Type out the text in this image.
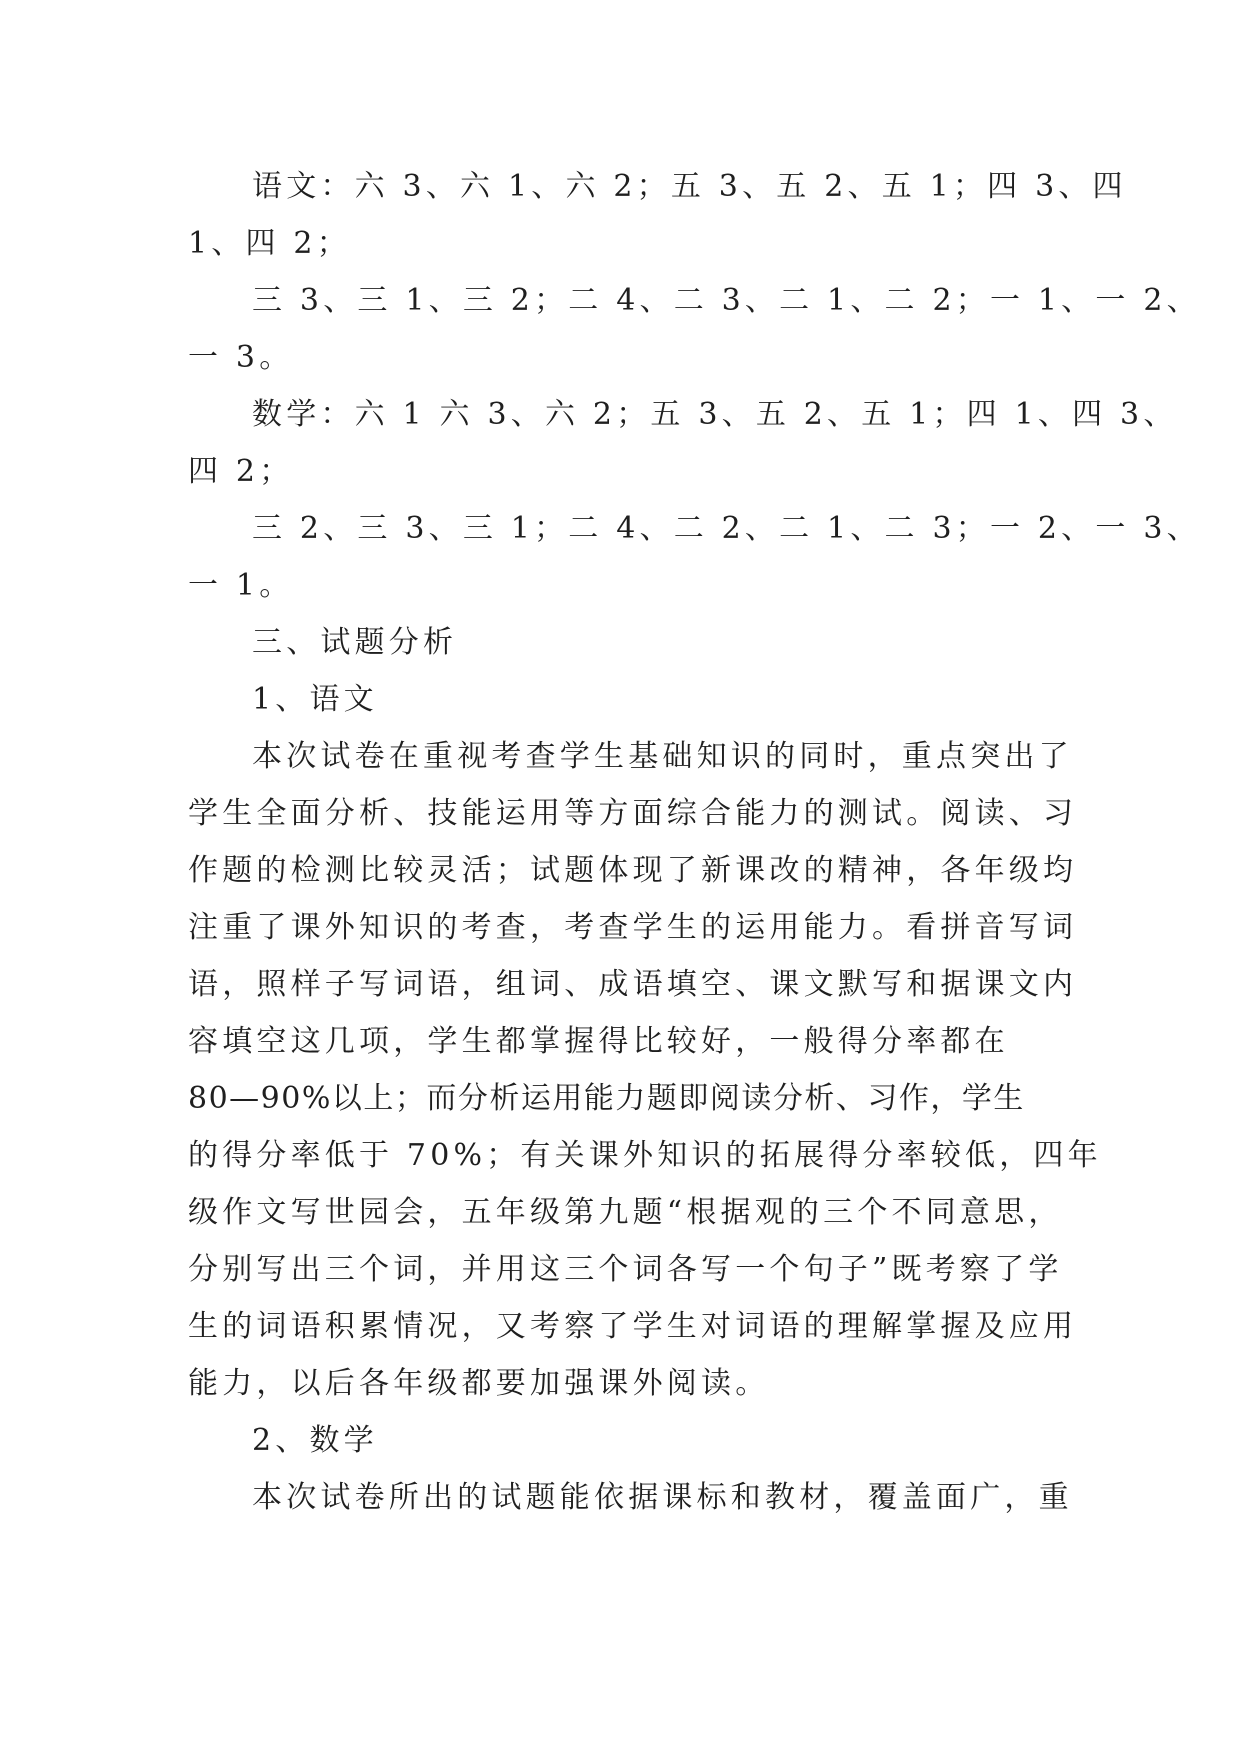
语文：六 3、六 1、六 2；五 3、五 2、五 1；四 3、四
1、四 2；
三 3、三 1、三 2；二 4、二 3、二 1、二 2；一 1、一 2、
一 3。
数学：六 1 六 3、六 2；五 3、五 2、五 1；四 1、四 3、
四 2；
三 2、三 3、三 1；二 4、二 2、二 1、二 3；一 2、一 3、
一 1。
三、试题分析
1、语文
本次试卷在重视考查学生基础知识的同时，重点突出了
学生全面分析、技能运用等方面综合能力的测试。阅读、习
作题的检测比较灵活；试题体现了新课改的精神，各年级均
注重了课外知识的考查，考查学生的运用能力。看拼音写词
语，照样子写词语，组词、成语填空、课文默写和据课文内
容填空这几项，学生都掌握得比较好，一般得分率都在
80—90%以上；而分析运用能力题即阅读分析、习作，学生
的得分率低于 70%；有关课外知识的拓展得分率较低，四年
级作文写世园会，五年级第九题“根据观的三个不同意思，
分别写出三个词，并用这三个词各写一个句子”既考察了学
生的词语积累情况，又考察了学生对词语的理解掌握及应用
能力，以后各年级都要加强课外阅读。
2、数学
本次试卷所出的试题能依据课标和教材，覆盖面广，重
